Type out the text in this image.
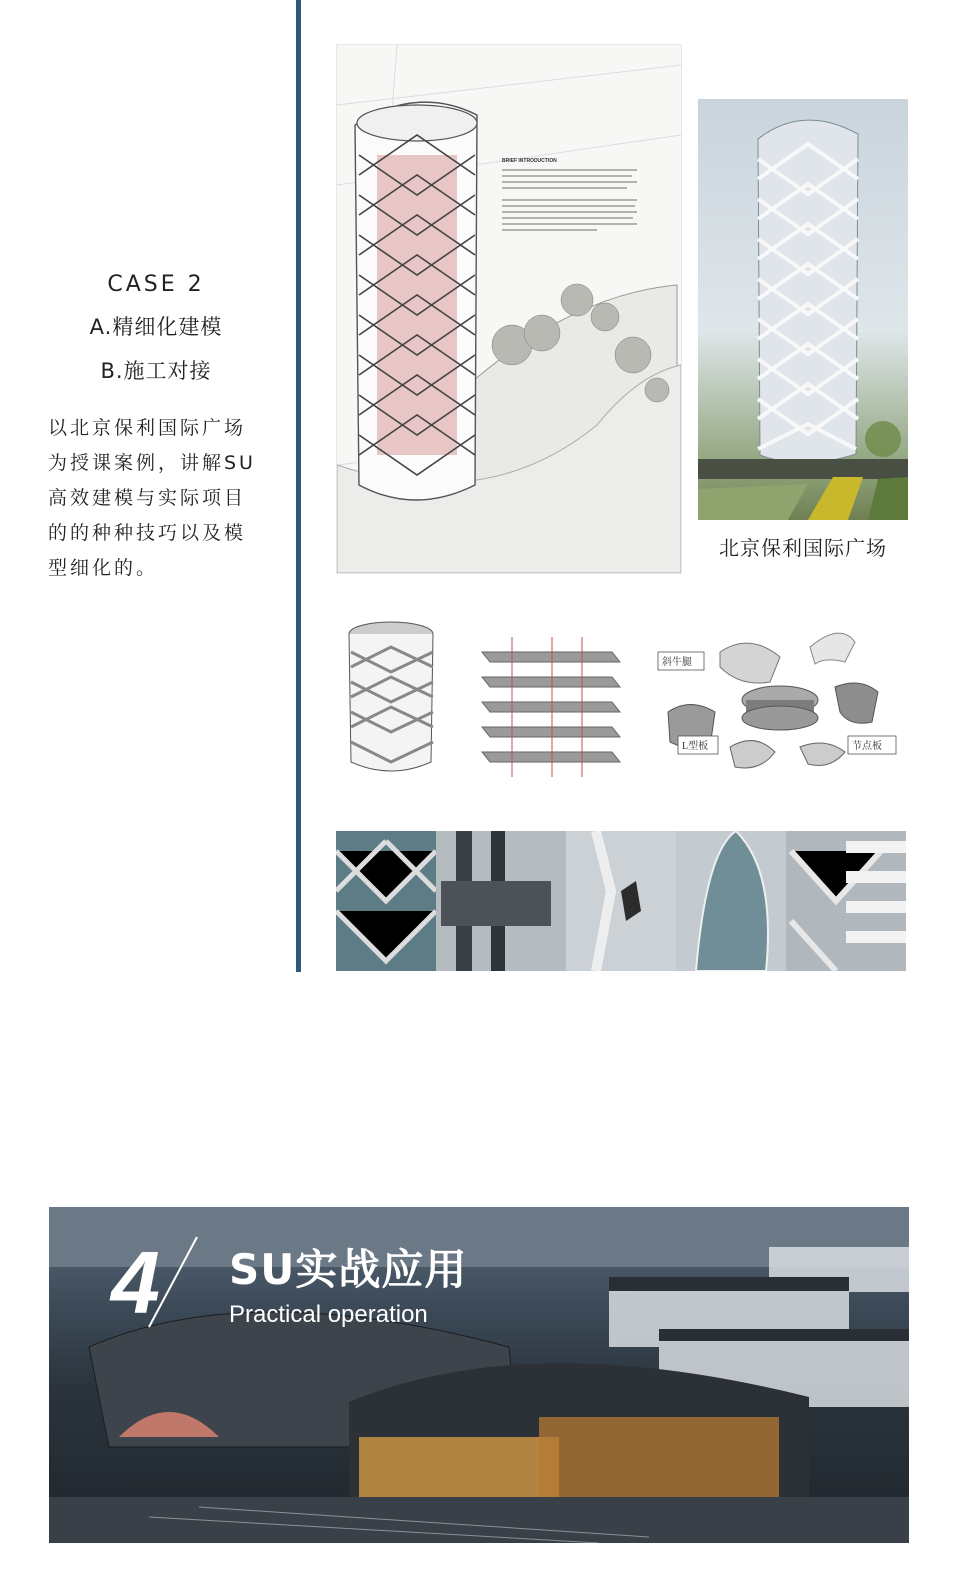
CASE 2
A.精细化建模
B.施工对接
以北京保利国际广场
为授课案例，讲解SU
高效建模与实际项目
的的种种技巧以及模
型细化的。
BRIEF INTRODUCTION
北京保利国际广场
斜牛腿
L型板	节点板
4 SU实战应用
Practical operation
